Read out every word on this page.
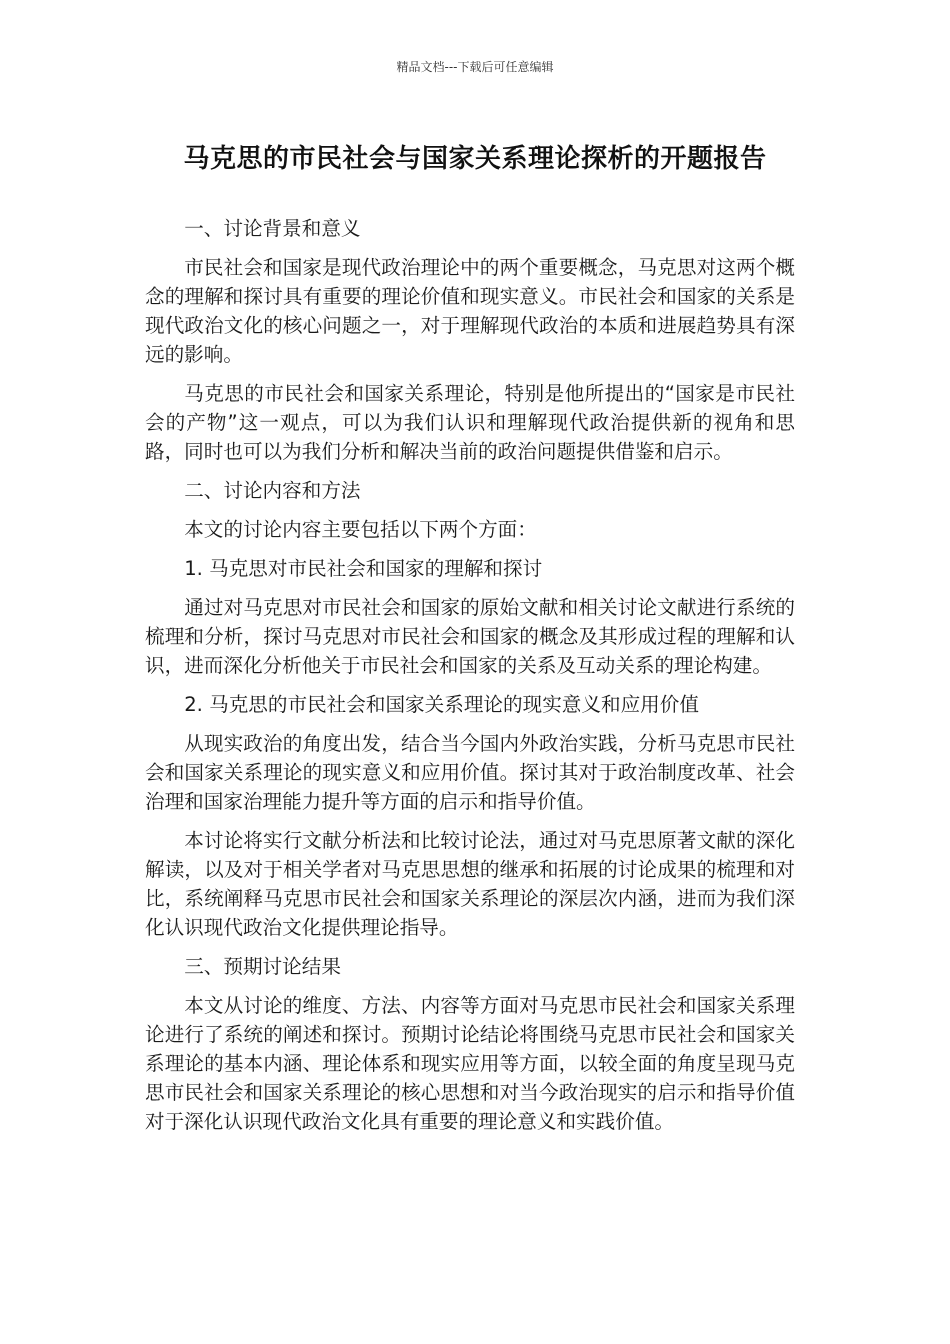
精品文档---下载后可任意编辑
马克思的市民社会与国家关系理论探析的开题报告

一、讨论背景和意义

市民社会和国家是现代政治理论中的两个重要概念，马克思对这两个概念的理解和探讨具有重要的理论价值和现实意义。市民社会和国家的关系是现代政治文化的核心问题之一，对于理解现代政治的本质和进展趋势具有深远的影响。

马克思的市民社会和国家关系理论，特别是他所提出的“国家是市民社会的产物”这一观点，可以为我们认识和理解现代政治提供新的视角和思路，同时也可以为我们分析和解决当前的政治问题提供借鉴和启示。

二、讨论内容和方法

本文的讨论内容主要包括以下两个方面：

1. 马克思对市民社会和国家的理解和探讨

通过对马克思对市民社会和国家的原始文献和相关讨论文献进行系统的梳理和分析，探讨马克思对市民社会和国家的概念及其形成过程的理解和认识，进而深化分析他关于市民社会和国家的关系及互动关系的理论构建。

2. 马克思的市民社会和国家关系理论的现实意义和应用价值

从现实政治的角度出发，结合当今国内外政治实践，分析马克思市民社会和国家关系理论的现实意义和应用价值。探讨其对于政治制度改革、社会治理和国家治理能力提升等方面的启示和指导价值。

本讨论将实行文献分析法和比较讨论法，通过对马克思原著文献的深化解读，以及对于相关学者对马克思思想的继承和拓展的讨论成果的梳理和对比，系统阐释马克思市民社会和国家关系理论的深层次内涵，进而为我们深化认识现代政治文化提供理论指导。

三、预期讨论结果

本文从讨论的维度、方法、内容等方面对马克思市民社会和国家关系理论进行了系统的阐述和探讨。预期讨论结论将围绕马克思市民社会和国家关系理论的基本内涵、理论体系和现实应用等方面，以较全面的角度呈现马克思市民社会和国家关系理论的核心思想和对当今政治现实的启示和指导价值对于深化认识现代政治文化具有重要的理论意义和实践价值。
